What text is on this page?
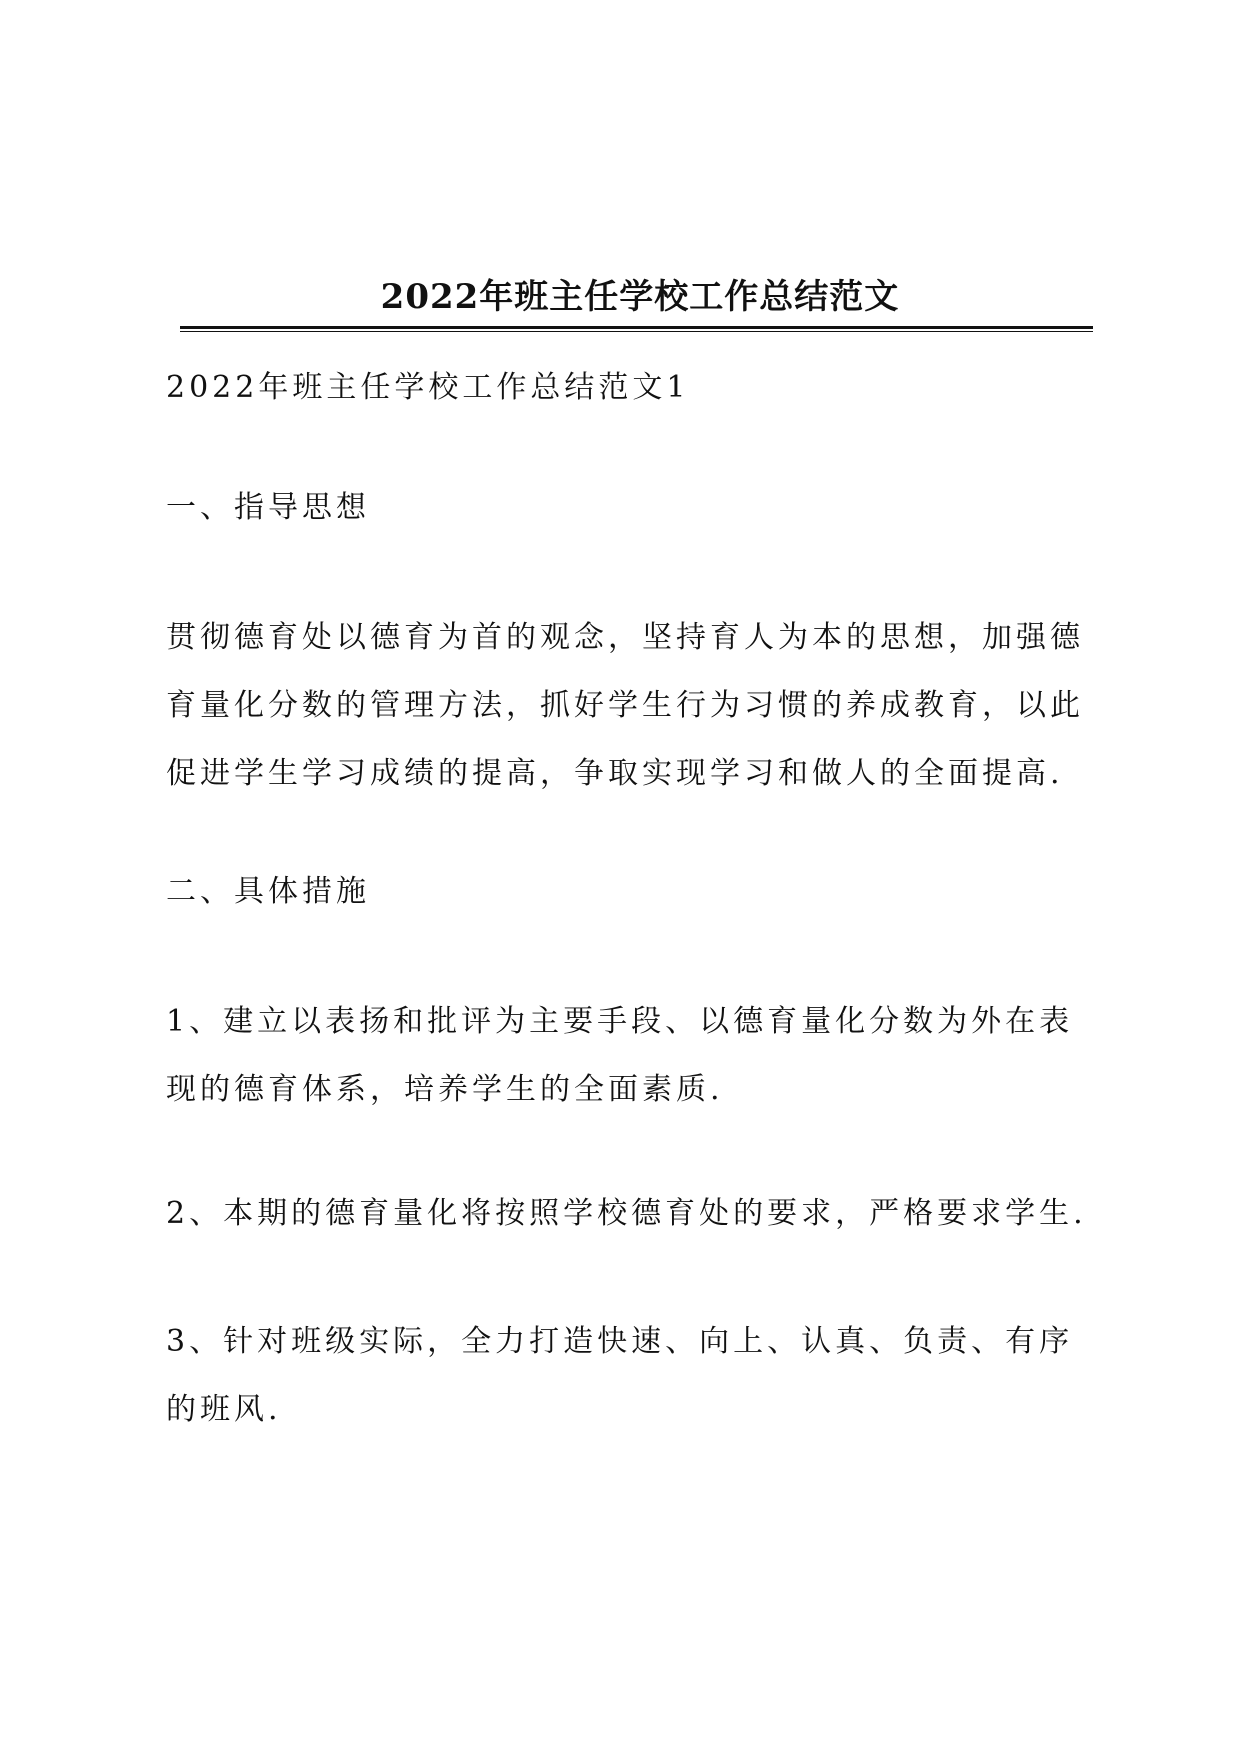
2022年班主任学校工作总结范文

2022年班主任学校工作总结范文1

一、指导思想

贯彻德育处以德育为首的观念，坚持育人为本的思想，加强德育量化分数的管理方法，抓好学生行为习惯的养成教育，以此促进学生学习成绩的提高，争取实现学习和做人的全面提高.

二、具体措施

1、建立以表扬和批评为主要手段、以德育量化分数为外在表现的德育体系，培养学生的全面素质.

2、本期的德育量化将按照学校德育处的要求，严格要求学生.

3、针对班级实际，全力打造快速、向上、认真、负责、有序的班风.
